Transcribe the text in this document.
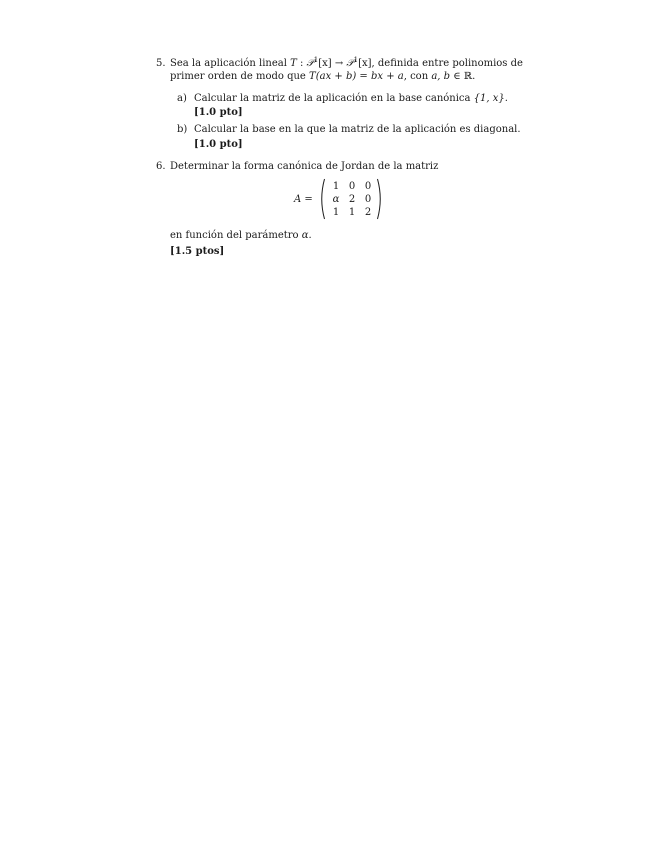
5. Sea la aplicación lineal T : 𝒫$^1$[x] → 𝒫$^1$[x], definida entre polinomios de
primer orden de modo que T(ax + b) = bx + a, con a, b ∈ ℝ.
a) Calcular la matriz de la aplicación en la base canónica {1, x}.
[1.0 pto]
b) Calcular la base en la que la matriz de la aplicación es diagonal.
[1.0 pto]
6. Determinar la forma canónica de Jordan de la matriz
A =
1 0 0
α 2 0
1 1 2
en función del parámetro α.
[1.5 ptos]
